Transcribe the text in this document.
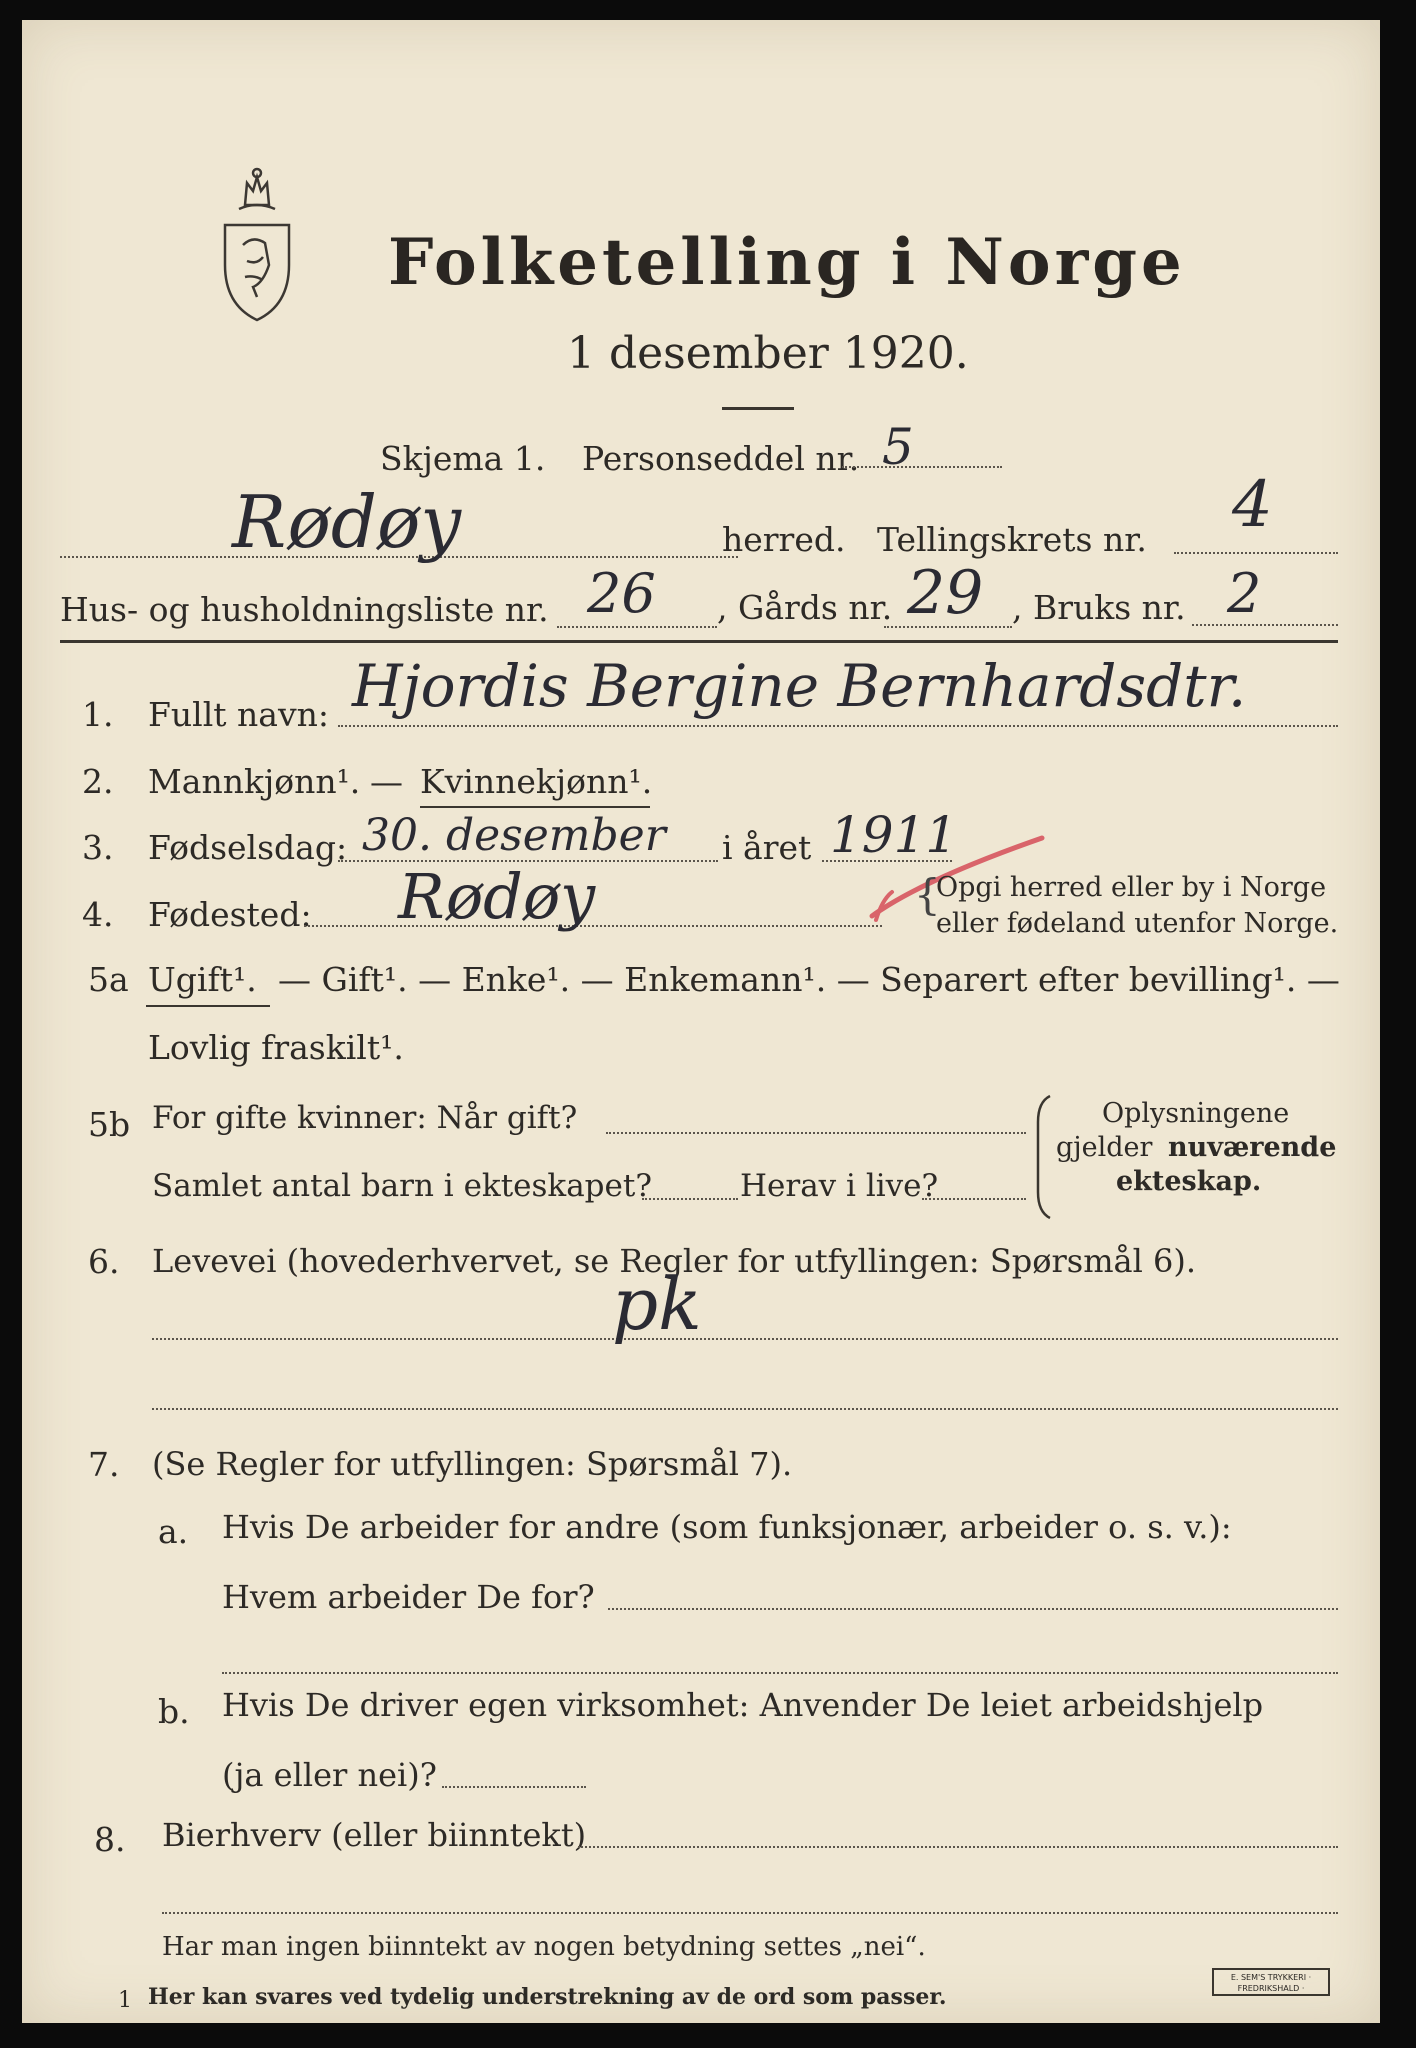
Folketelling i Norge
1 desember 1920.
Skjema 1. Personseddel nr. 5
Rødøy	herred. Tellingskrets nr. 4
Hus- og husholdningsliste nr. 26 , Gårds nr. 29 , Bruks nr. 2
1. Fullt navn: Hjordis Bergine Bernhardsdtr.
2. Mannkjønn¹. — Kvinnekjønn¹.
3. Fødselsdag: 30. desember i året 1911
4. Fødested: Rødøy	{
Opgi herred eller by i Norge
eller fødeland utenfor Norge.
5a Ugift¹. — Gift¹. — Enke¹. — Enkemann¹. — Separert efter bevilling¹. —
Lovlig fraskilt¹.
5b For gifte kvinner: Når gift?
Samlet antal barn i ekteskapet?	Herav i live?
Oplysningene
gjelder nuværende
ekteskap.
6. Levevei (hovederhvervet, se Regler for utfyllingen: Spørsmål 6).
pk
7. (Se Regler for utfyllingen: Spørsmål 7).
a. Hvis De arbeider for andre (som funksjonær, arbeider o. s. v.):
Hvem arbeider De for?
b. Hvis De driver egen virksomhet: Anvender De leiet arbeidshjelp
(ja eller nei)?
8. Bierhverv (eller biinntekt)
Har man ingen biinntekt av nogen betydning settes „nei“.
1 Her kan svares ved tydelig understrekning av de ord som passer.
E. SEM'S TRYKKERI · FREDRIKSHALD ·
